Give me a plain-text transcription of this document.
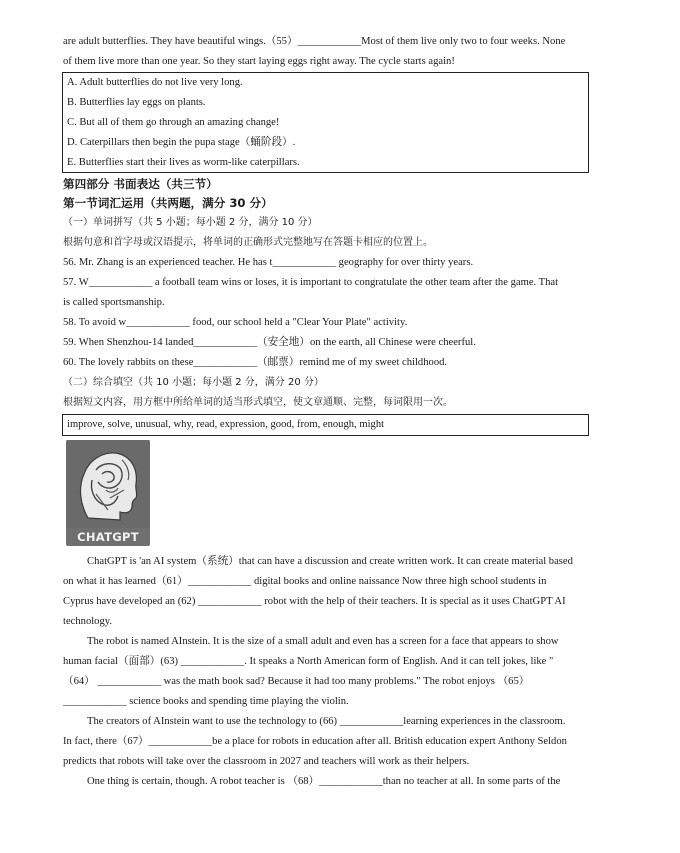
are adult butterflies. They have beautiful wings.（55）____________Most of them live only two to four weeks. None
of them live more than one year. So they start laying eggs right away. The cycle starts again!
A. Adult butterflies do not live very long.
B. Butterflies lay eggs on plants.
C. But all of them go through an amazing change!
D. Caterpillars then begin the pupa stage（蛹阶段）.
E. Butterflies start their lives as worm-like caterpillars.
第四部分 书面表达（共三节）
第一节词汇运用（共两题，满分 30 分）
（一）单词拼写（共 5 小题；每小题 2 分，满分 10 分）
根据句意和首字母或汉语提示，将单词的正确形式完整地写在答题卡相应的位置上。
56. Mr. Zhang is an experienced teacher. He has t____________ geography for over thirty years.
57. W____________ a football team wins or loses, it is important to congratulate the other team after the game. That
is called sportsmanship.
58. To avoid w____________ food, our school held a "Clear Your Plate" activity.
59. When Shenzhou-14 landed____________（安全地）on the earth, all Chinese were cheerful.
60. The lovely rabbits on these____________（邮票）remind me of my sweet childhood.
（二）综合填空（共 10 小题；每小题 2 分，满分 20 分）
根据短文内容，用方框中所给单词的适当形式填空，使文章通顺、完整，每词限用一次。
improve, solve, unusual, why, read, expression, good, from, enough, might
CHATGPT
ChatGPT is 'an AI system（系统）that can have a discussion and create written work. It can create material based
on what it has learned（61）____________ digital books and online naissance Now three high school students in
Cyprus have developed an (62) ____________ robot with the help of their teachers. It is special as it uses ChatGPT AI
technology.
The robot is named AInstein. It is the size of a small adult and even has a screen for a face that appears to show
human facial（面部）(63) ____________. It speaks a North American form of English. And it can tell jokes, like "
（64） ____________ was the math book sad? Because it had too many problems." The robot enjoys （65）
____________ science books and spending time playing the violin.
The creators of AInstein want to use the technology to (66) ____________learning experiences in the classroom.
In fact, there（67）____________be a place for robots in education after all. British education expert Anthony Seldon
predicts that robots will take over the classroom in 2027 and teachers will work as their helpers.
One thing is certain, though. A robot teacher is （68）____________than no teacher at all. In some parts of the
